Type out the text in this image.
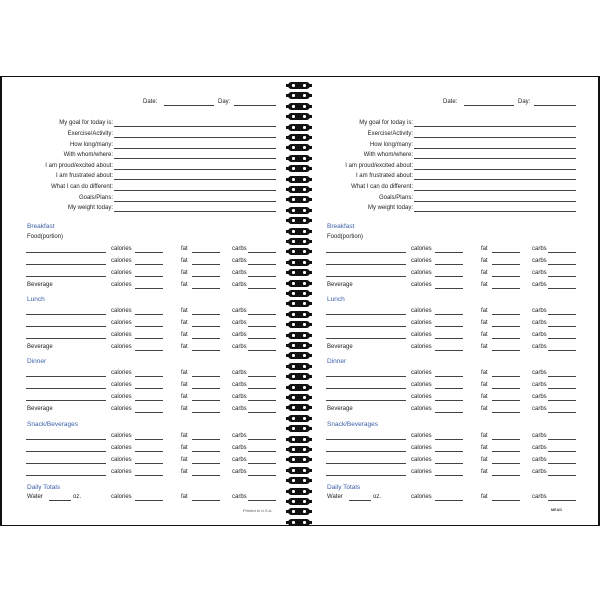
Date:	Day:
My goal for today is:
Exercise/Activity:
How long/many:
With whom/where:
I am proud/excited about:
I am frustrated about:
What I can do different:
Goals/Plans:
My weight today:
Breakfast
Food(portion)
calories	fat	carbs
calories	fat	carbs
calories	fat	carbs
Beverage	calories	fat	carbs
Lunch
calories	fat	carbs
calories	fat	carbs
calories	fat	carbs
Beverage	calories	fat	carbs
Dinner
calories	fat	carbs
calories	fat	carbs
calories	fat	carbs
Beverage	calories	fat	carbs
Snack/Beverages
calories	fat	carbs
calories	fat	carbs
calories	fat	carbs
calories	fat	carbs
Daily Totals
Water	oz.	calories	fat	carbs
Date:	Day:
My goal for today is:
Exercise/Activity:
How long/many:
With whom/where:
I am proud/excited about:
I am frustrated about:
What I can do different:
Goals/Plans:
My weight today:
Breakfast
Food(portion)
calories	fat	carbs
calories	fat	carbs
calories	fat	carbs
Beverage	calories	fat	carbs
Lunch
calories	fat	carbs
calories	fat	carbs
calories	fat	carbs
Beverage	calories	fat	carbs
Dinner
calories	fat	carbs
calories	fat	carbs
calories	fat	carbs
Beverage	calories	fat	carbs
Snack/Beverages
calories	fat	carbs
calories	fat	carbs
calories	fat	carbs
calories	fat	carbs
Daily Totals
Water	oz.	calories	fat	carbs
Printed in U.S.A.	MEAD
